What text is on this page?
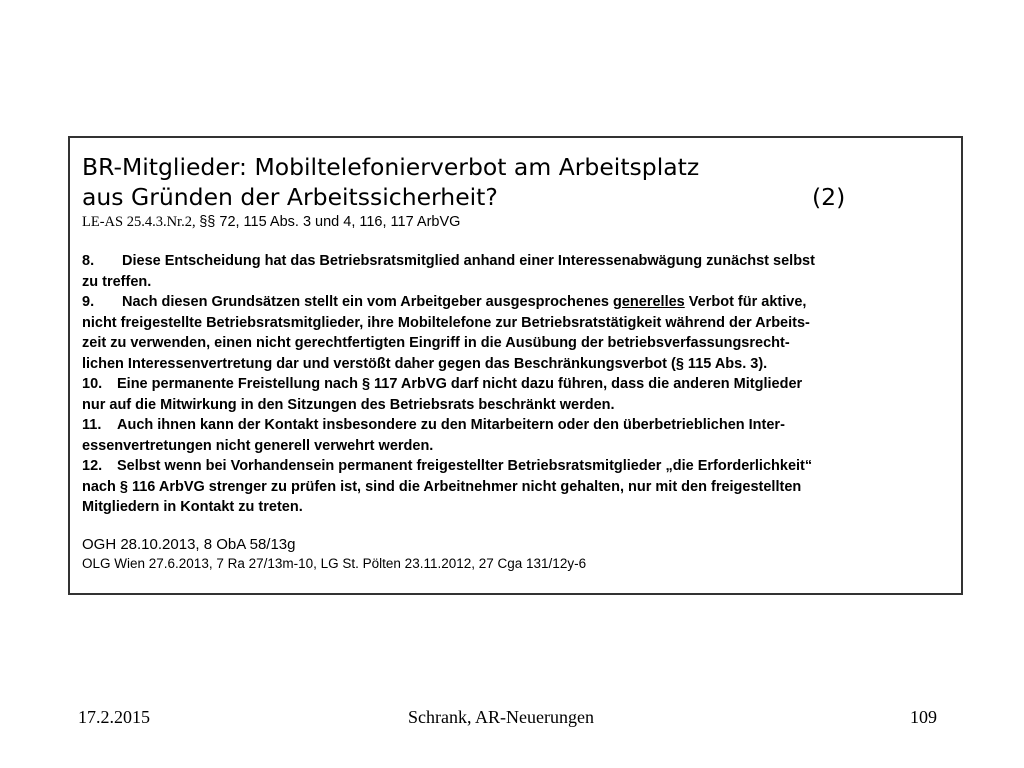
BR-Mitglieder: Mobiltelefonierverbot am Arbeitsplatz
aus Gründen der Arbeitssicherheit?	(2)
LE-AS 25.4.3.Nr.2, §§ 72, 115 Abs. 3 und 4, 116, 117 ArbVG
8. Diese Entscheidung hat das Betriebsratsmitglied anhand einer Interessenabwägung zunächst selbst
zu treffen.
9. Nach diesen Grundsätzen stellt ein vom Arbeitgeber ausgesprochenes generelles Verbot für aktive,
nicht freigestellte Betriebsratsmitglieder, ihre Mobiltelefone zur Betriebsratstätigkeit während der Arbeits-
zeit zu verwenden, einen nicht gerechtfertigten Eingriff in die Ausübung der betriebsverfassungsrecht-
lichen Interessenvertretung dar und verstößt daher gegen das Beschränkungsverbot (§ 115 Abs. 3).
10. Eine permanente Freistellung nach § 117 ArbVG darf nicht dazu führen, dass die anderen Mitglieder
nur auf die Mitwirkung in den Sitzungen des Betriebsrats beschränkt werden.
11. Auch ihnen kann der Kontakt insbesondere zu den Mitarbeitern oder den überbetrieblichen Inter-
essenvertretungen nicht generell verwehrt werden.
12. Selbst wenn bei Vorhandensein permanent freigestellter Betriebsratsmitglieder „die Erforderlichkeit“
nach § 116 ArbVG strenger zu prüfen ist, sind die Arbeitnehmer nicht gehalten, nur mit den freigestellten
Mitgliedern in Kontakt zu treten.
OGH 28.10.2013, 8 ObA 58/13g
OLG Wien 27.6.2013, 7 Ra 27/13m-10, LG St. Pölten 23.11.2012, 27 Cga 131/12y-6
17.2.2015	Schrank, AR-Neuerungen	109
